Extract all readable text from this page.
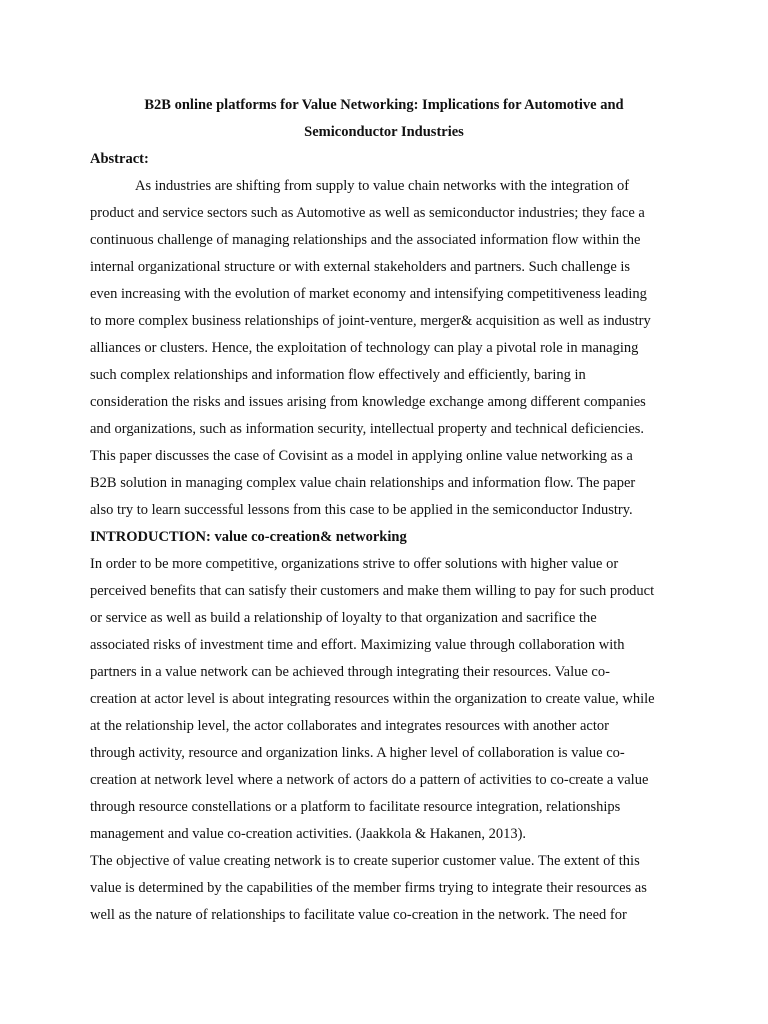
B2B online platforms for Value Networking: Implications for Automotive and
Semiconductor Industries
Abstract:
As industries are shifting from supply to value chain networks with the integration of
product and service sectors such as Automotive as well as semiconductor industries; they face a
continuous challenge of managing relationships and the associated information flow within the
internal organizational structure or with external stakeholders and partners. Such challenge is
even increasing with the evolution of market economy and intensifying competitiveness leading
to more complex business relationships of joint-venture, merger& acquisition as well as industry
alliances or clusters. Hence, the exploitation of technology can play a pivotal role in managing
such complex relationships and information flow effectively and efficiently, baring in
consideration the risks and issues arising from knowledge exchange among different companies
and organizations, such as information security, intellectual property and technical deficiencies.
This paper discusses the case of Covisint as a model in applying online value networking as a
B2B solution in managing complex value chain relationships and information flow. The paper
also try to learn successful lessons from this case to be applied in the semiconductor Industry.
INTRODUCTION: value co-creation& networking
In order to be more competitive, organizations strive to offer solutions with higher value or
perceived benefits that can satisfy their customers and make them willing to pay for such product
or service as well as build a relationship of loyalty to that organization and sacrifice the
associated risks of investment time and effort. Maximizing value through collaboration with
partners in a value network can be achieved through integrating their resources. Value co-
creation at actor level is about integrating resources within the organization to create value, while
at the relationship level, the actor collaborates and integrates resources with another actor
through activity, resource and organization links. A higher level of collaboration is value co-
creation at network level where a network of actors do a pattern of activities to co-create a value
through resource constellations or a platform to facilitate resource integration, relationships
management and value co-creation activities. (Jaakkola & Hakanen, 2013).
The objective of value creating network is to create superior customer value. The extent of this
value is determined by the capabilities of the member firms trying to integrate their resources as
well as the nature of relationships to facilitate value co-creation in the network. The need for
